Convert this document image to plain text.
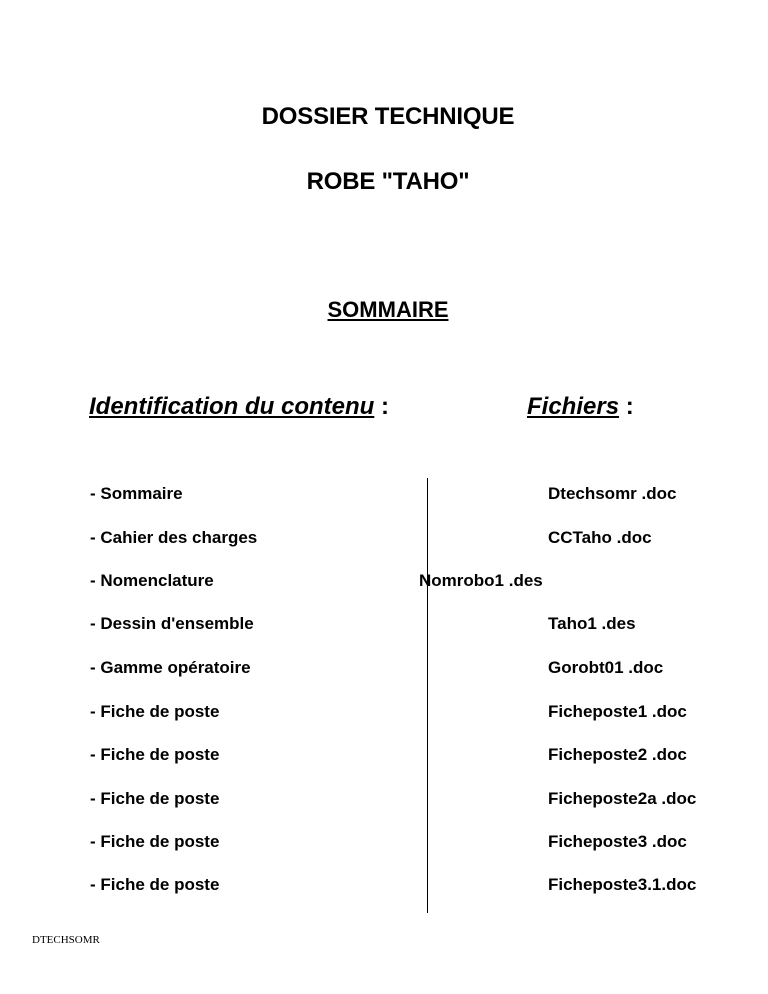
DOSSIER TECHNIQUE
ROBE "TAHO"
SOMMAIRE
Identification du contenu :	Fichiers :
- Sommaire	Dtechsomr .doc
- Cahier des charges	CCTaho .doc
- Nomenclature	Nomrobo1 .des
- Dessin d'ensemble	Taho1 .des
- Gamme opératoire	Gorobt01 .doc
- Fiche de poste	Ficheposte1 .doc
- Fiche de poste	Ficheposte2 .doc
- Fiche de poste	Ficheposte2a .doc
- Fiche de poste	Ficheposte3 .doc
- Fiche de poste	Ficheposte3.1.doc
DTECHSOMR
